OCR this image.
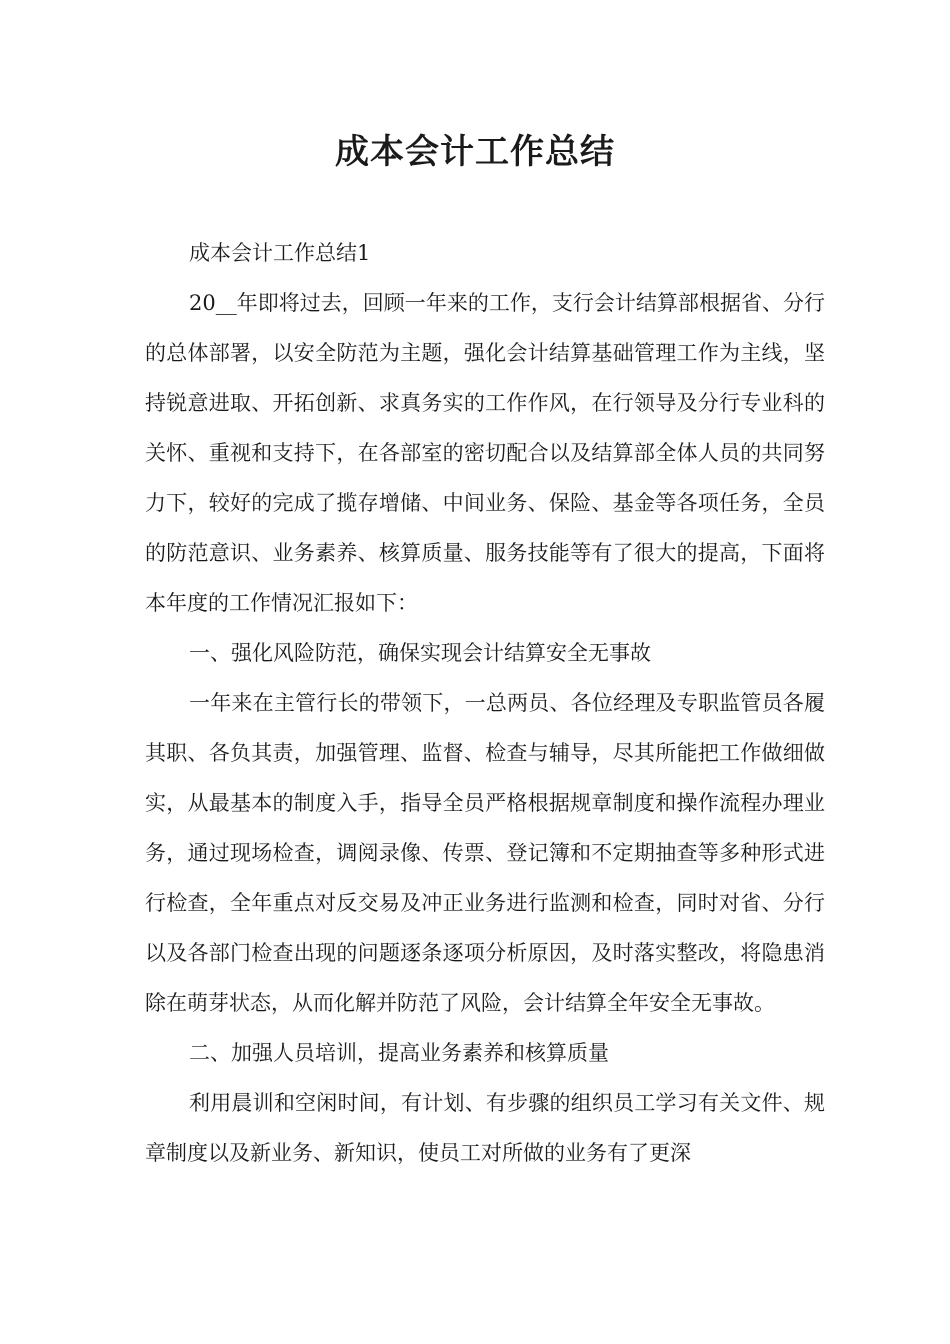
成本会计工作总结

成本会计工作总结1

20__年即将过去，回顾一年来的工作，支行会计结算部根据省、分行的总体部署，以安全防范为主题，强化会计结算基础管理工作为主线，坚持锐意进取、开拓创新、求真务实的工作作风，在行领导及分行专业科的关怀、重视和支持下，在各部室的密切配合以及结算部全体人员的共同努力下，较好的完成了揽存增储、中间业务、保险、基金等各项任务，全员的防范意识、业务素养、核算质量、服务技能等有了很大的提高，下面将本年度的工作情况汇报如下：

一、强化风险防范，确保实现会计结算安全无事故

一年来在主管行长的带领下，一总两员、各位经理及专职监管员各履其职、各负其责，加强管理、监督、检查与辅导，尽其所能把工作做细做实，从最基本的制度入手，指导全员严格根据规章制度和操作流程办理业务，通过现场检查，调阅录像、传票、登记簿和不定期抽查等多种形式进行检查，全年重点对反交易及冲正业务进行监测和检查，同时对省、分行以及各部门检查出现的问题逐条逐项分析原因，及时落实整改，将隐患消除在萌芽状态，从而化解并防范了风险，会计结算全年安全无事故。

二、加强人员培训，提高业务素养和核算质量

利用晨训和空闲时间，有计划、有步骤的组织员工学习有关文件、规章制度以及新业务、新知识，使员工对所做的业务有了更深
